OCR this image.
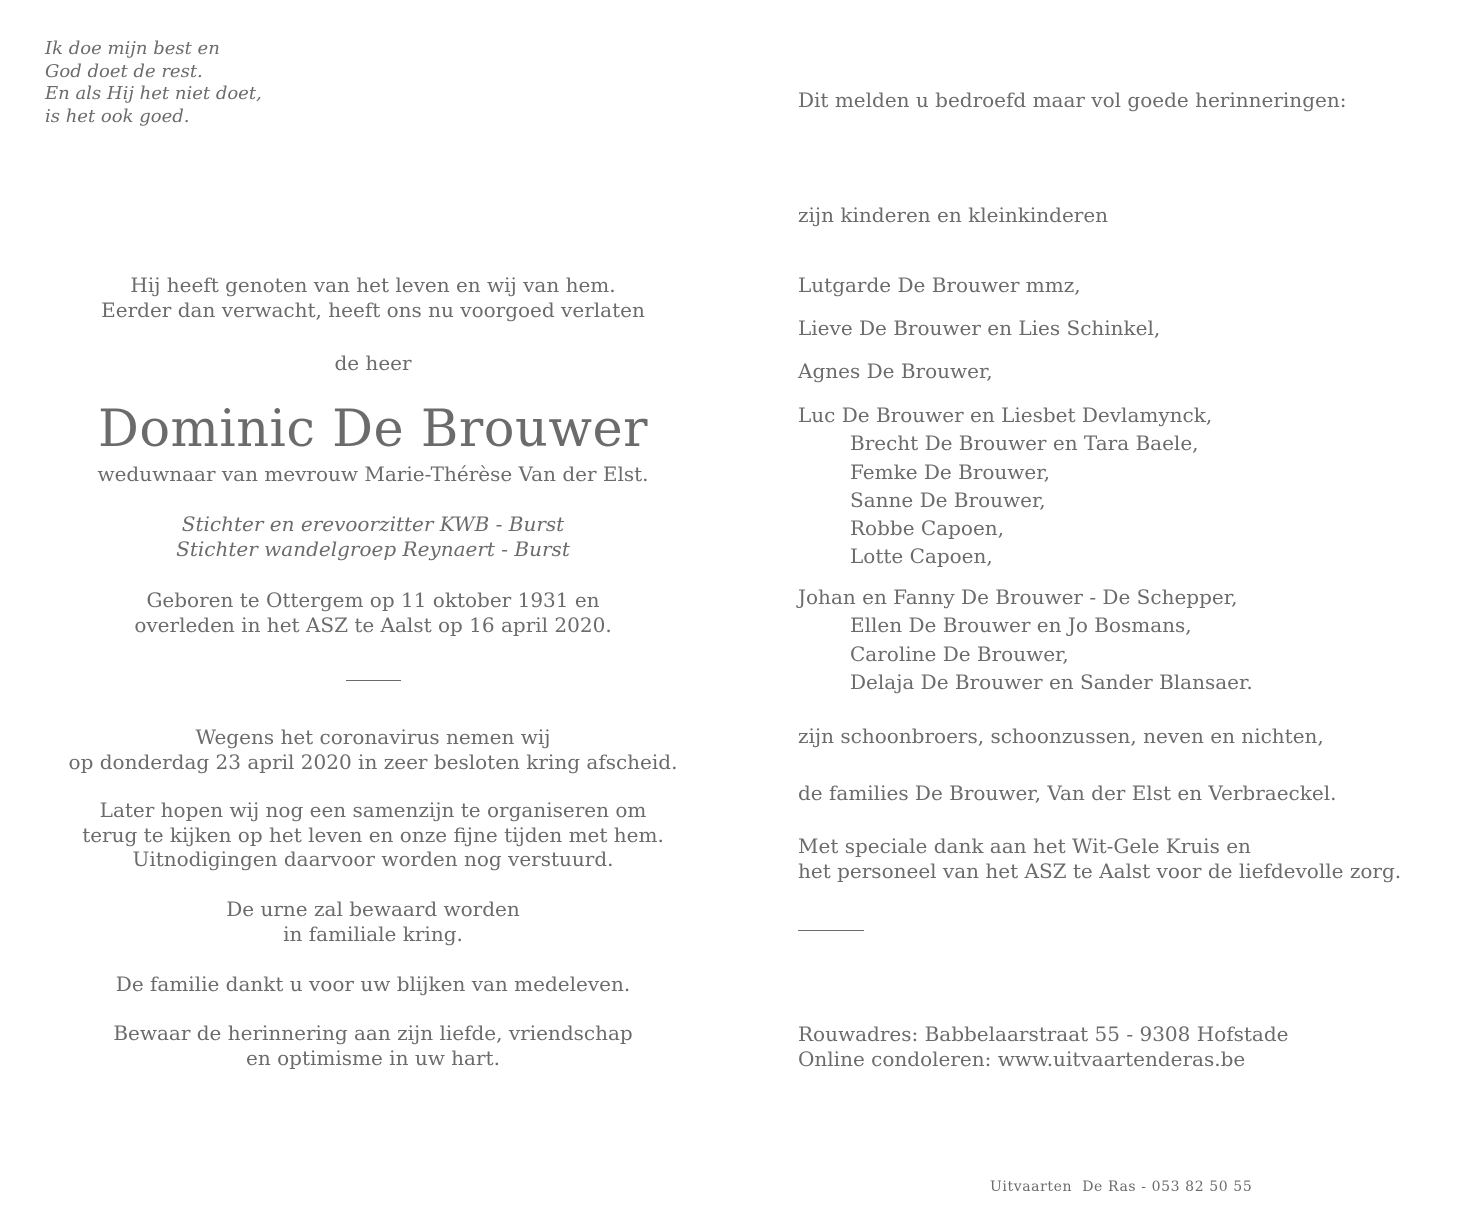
Ik doe mijn best en
God doet de rest.
En als Hij het niet doet,
is het ook goed.
Hij heeft genoten van het leven en wij van hem.
Eerder dan verwacht, heeft ons nu voorgoed verlaten
de heer
Dominic De Brouwer
weduwnaar van mevrouw Marie-Thérèse Van der Elst.
Stichter en erevoorzitter KWB - Burst
Stichter wandelgroep Reynaert - Burst
Geboren te Ottergem op 11 oktober 1931 en
overleden in het ASZ te Aalst op 16 april 2020.
Wegens het coronavirus nemen wij
op donderdag 23 april 2020 in zeer besloten kring afscheid.
Later hopen wij nog een samenzijn te organiseren om
terug te kijken op het leven en onze fijne tijden met hem.
Uitnodigingen daarvoor worden nog verstuurd.
De urne zal bewaard worden
in familiale kring.
De familie dankt u voor uw blijken van medeleven.
Bewaar de herinnering aan zijn liefde, vriendschap
en optimisme in uw hart.
Dit melden u bedroefd maar vol goede herinneringen:
zijn kinderen en kleinkinderen
Lutgarde De Brouwer mmz,
Lieve De Brouwer en Lies Schinkel,
Agnes De Brouwer,
Luc De Brouwer en Liesbet Devlamynck,
Brecht De Brouwer en Tara Baele,
Femke De Brouwer,
Sanne De Brouwer,
Robbe Capoen,
Lotte Capoen,
Johan en Fanny De Brouwer - De Schepper,
Ellen De Brouwer en Jo Bosmans,
Caroline De Brouwer,
Delaja De Brouwer en Sander Blansaer.
zijn schoonbroers, schoonzussen, neven en nichten,
de families De Brouwer, Van der Elst en Verbraeckel.
Met speciale dank aan het Wit-Gele Kruis en
het personeel van het ASZ te Aalst voor de liefdevolle zorg.
Rouwadres: Babbelaarstraat 55 - 9308 Hofstade
Online condoleren: www.uitvaartenderas.be
Uitvaarten  De Ras - 053 82 50 55
